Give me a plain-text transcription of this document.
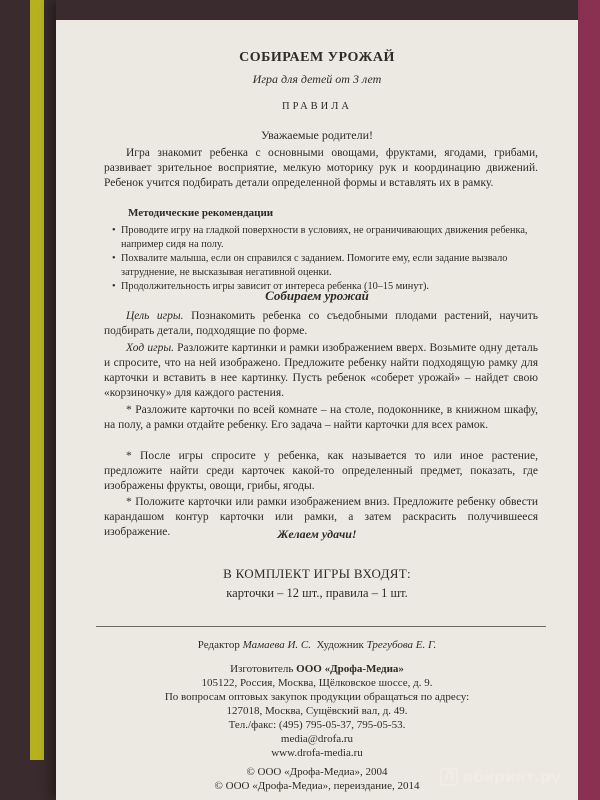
СОБИРАЕМ УРОЖАЙ
Игра для детей от 3 лет
ПРАВИЛА
Уважаемые родители!
Игра знакомит ребенка с основными овощами, фруктами, ягодами, грибами, развивает зрительное восприятие, мелкую моторику рук и координацию движений. Ребенок учится подбирать детали определенной формы и вставлять их в рамку.
Методические рекомендации
• Проводите игру на гладкой поверхности в условиях, не ограничивающих движения ребенка, например сидя на полу.
• Похвалите малыша, если он справился с заданием. Помогите ему, если задание вызвало затруднение, не высказывая негативной оценки.
• Продолжительность игры зависит от интереса ребенка (10–15 минут).
Собираем урожай
Цель игры. Познакомить ребенка со съедобными плодами растений, научить подбирать детали, подходящие по форме.
Ход игры. Разложите картинки и рамки изображением вверх. Возьмите одну деталь и спросите, что на ней изображено. Предложите ребенку найти подходящую рамку для карточки и вставить в нее картинку. Пусть ребенок «соберет урожай» – найдет свою «корзиночку» для каждого растения.
* Разложите карточки по всей комнате – на столе, подоконнике, в книжном шкафу, на полу, а рамки отдайте ребенку. Его задача – найти карточки для всех рамок.
* После игры спросите у ребенка, как называется то или иное растение, предложите найти среди карточек какой-то определенный предмет, показать, где изображены фрукты, овощи, грибы, ягоды.
* Положите карточки или рамки изображением вниз. Предложите ребенку обвести карандашом контур карточки или рамки, а затем раскрасить получившееся изображение.	Желаем удачи!
В КОМПЛЕКТ ИГРЫ ВХОДЯТ:
карточки – 12 шт., правила – 1 шт.
Редактор Мамаева И. С.  Художник Трегубова Е. Г.
Изготовитель ООО «Дрофа-Медиа»
105122, Россия, Москва, Щёлковское шоссе, д. 9.
По вопросам оптовых закупок продукции обращаться по адресу:
127018, Москва, Сущёвский вал, д. 49.
Тел./факс: (495) 795-05-37, 795-05-53.
media@drofa.ru
www.drofa-media.ru
© ООО «Дрофа-Медиа», 2004
© ООО «Дрофа-Медиа», переиздание, 2014
Л абиринт.ру
